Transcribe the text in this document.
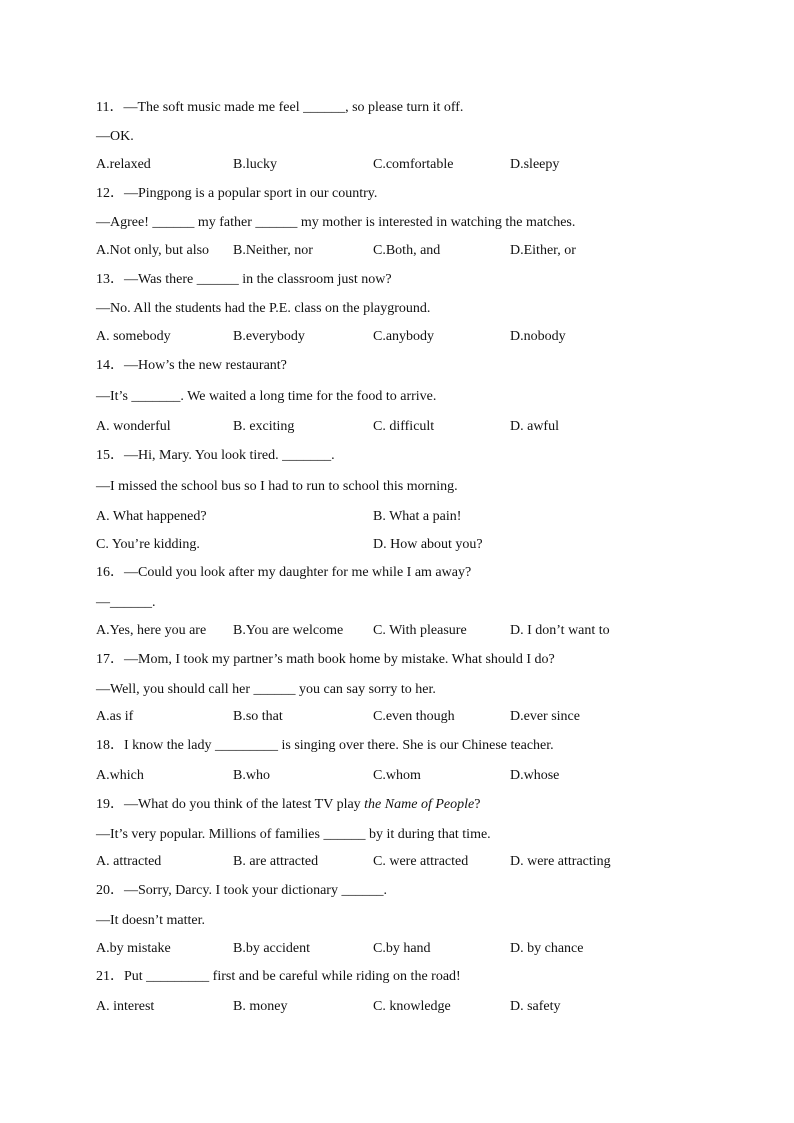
11．—The soft music made me feel ______, so please turn it off.
—OK.
A.relaxed	B.lucky	C.comfortable	D.sleepy
12．—Pingpong is a popular sport in our country.
—Agree! ______ my father ______ my mother is interested in watching the matches.
A.Not only, but also B.Neither, nor	C.Both, and	D.Either, or
13．—Was there ______ in the classroom just now?
—No. All the students had the P.E. class on the playground.
A. somebody	B.everybody	C.anybody	D.nobody
14．—How’s the new restaurant?
—It’s _______. We waited a long time for the food to arrive.
A. wonderful	B. exciting	C. difficult	D. awful
15．—Hi, Mary. You look tired. _______.
—I missed the school bus so I had to run to school this morning.
A. What happened?	B. What a pain!
C. You’re kidding.	D. How about you?
16．—Could you look after my daughter for me while I am away?
—______.
A.Yes, here you are B.You are welcome C. With pleasure	D. I don’t want to
17．—Mom, I took my partner’s math book home by mistake. What should I do?
—Well, you should call her ______ you can say sorry to her.
A.as if	B.so that	C.even though	D.ever since
18．I know the lady _________ is singing over there. She is our Chinese teacher.
A.which	B.who	C.whom	D.whose
19．—What do you think of the latest TV play the Name of People?
—It’s very popular. Millions of families ______ by it during that time.
A. attracted	B. are attracted	C. were attracted	D. were attracting
20．—Sorry, Darcy. I took your dictionary ______.
—It doesn’t matter.
A.by mistake	B.by accident	C.by hand	D. by chance
21．Put _________ first and be careful while riding on the road!
A. interest	B. money	C. knowledge	D. safety
